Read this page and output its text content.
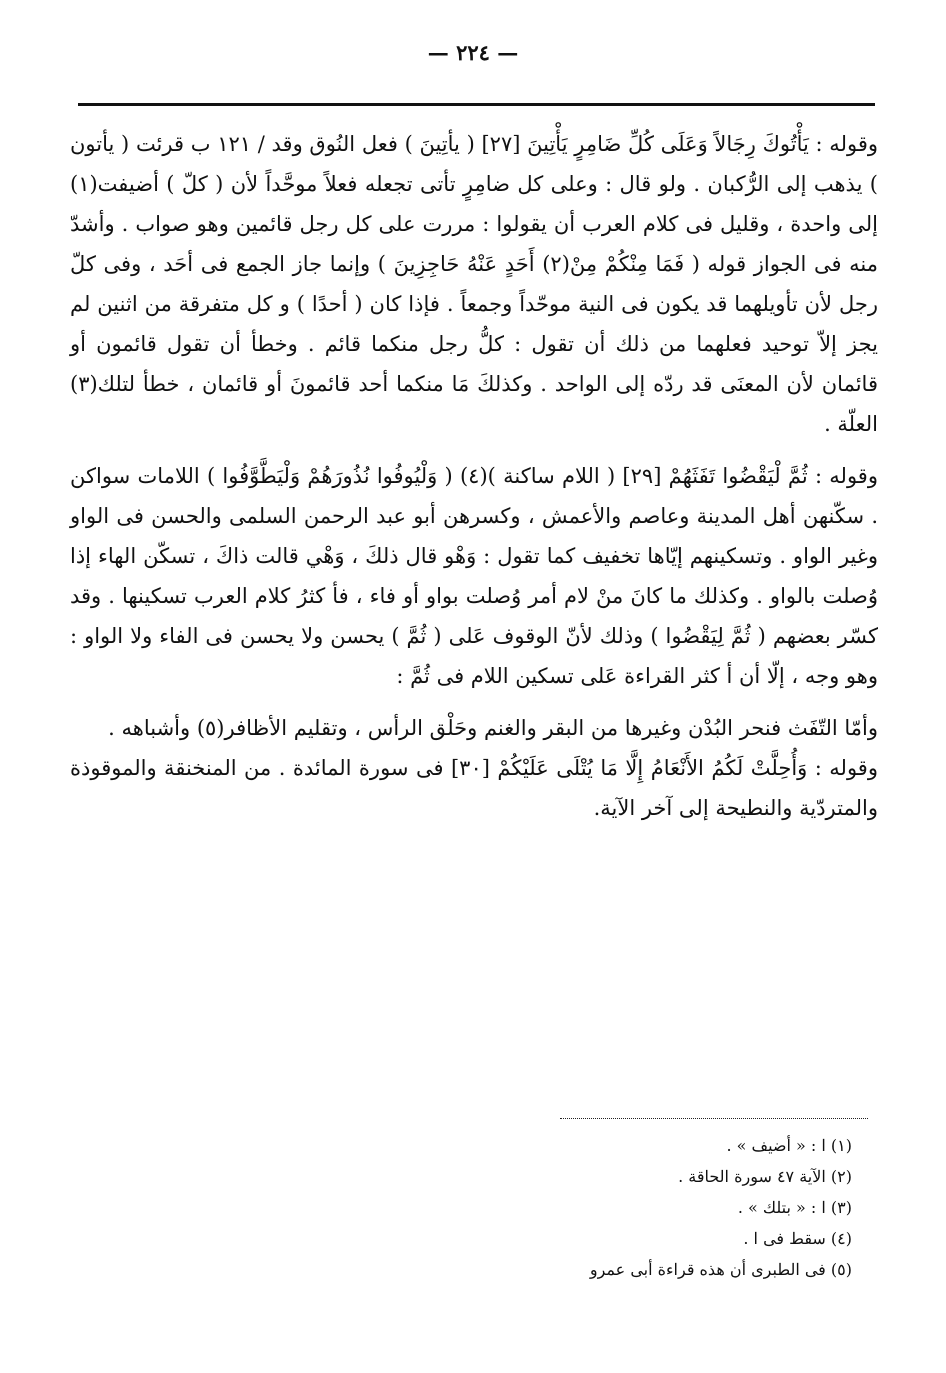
— ٢٢٤ —

وقوله : يَأْتُوكَ رِجَالاً وَعَلَى كُلِّ ضَامِرٍ يَأْتِينَ [٢٧] ( يأتِينَ ) فعل النُوق وقد / ١٢١ ب قرئت ( يأتون ) يذهب إلى الرُّكبان . ولو قال : وعلى كل ضامِرٍ تأتى تجعله فعلاً موحَّداً لأن ( كلّ ) أضيفت(١) إلى واحدة ، وقليل فى كلام العرب أن يقولوا : مررت على كل رجل قائمين وهو صواب . وأشدّ منه فى الجواز قوله ( فَمَا مِنْكُمْ مِنْ(٢) أَحَدٍ عَنْهُ حَاجِزِينَ ) وإنما جاز الجمع فى أحَد ، وفى كلّ رجل لأن تأويلهما قد يكون فى النية موحّداً وجمعاً . فإذا كان ( أحدًا ) و كل متفرقة من اثنين لم يجز إلاّ توحيد فعلهما من ذلك أن تقول : كلُّ رجل منكما قائم . وخطأ أن تقول قائمون أو قائمان لأن المعنَى قد ردّه إلى الواحد . وكذلكَ مَا منكما أحد قائمونَ أو قائمان ، خطأ لتلك(٣) العلّة .

وقوله : ثُمَّ لْيَقْضُوا تَفَثَهُمْ [٢٩] ( اللام ساكنة )(٤) ( وَلْيُوفُوا نُذُورَهُمْ وَلْيَطَّوَّفُوا ) اللامات سواكن . سكّنهن أهل المدينة وعاصم والأعمش ، وكسرهن أبو عبد الرحمن السلمى والحسن فى الواو وغير الواو . وتسكينهم إيّاها تخفيف كما تقول : وَهْو قال ذلكَ ، وَهْي قالت ذاكَ ، تسكّن الهاء إذا وُصلت بالواو . وكذلك ما كانَ منْ لام أمر وُصلت بواو أو فاء ، فأ كثرُ كلام العرب تسكينها . وقد كسّر بعضهم ( ثُمَّ لِيَقْضُوا ) وذلك لأنّ الوقوف عَلى ( ثُمَّ ) يحسن ولا يحسن فى الفاء ولا الواو : وهو وجه ، إلّا أن أ كثر القراءة عَلى تسكين اللام فى ثُمَّ :

وأمّا التّفَث فنحر البُدْن وغيرها من البقر والغنم وحَلْق الرأس ، وتقليم الأظافر(٥) وأشباهه .

وقوله : وَأُحِلَّتْ لَكُمُ الأَنْعَامُ إِلَّا مَا يُتْلَى عَلَيْكُمْ [٣٠] فى سورة المائدة . من المنخنقة والموقوذة والمتردّية والنطيحة إلى آخر الآية.

(١) ا : « أضيف » .
(٢) الآية ٤٧ سورة الحاقة .
(٣) ا : « بتلك » .
(٤) سقط فى ا .
(٥) فى الطبرى أن هذه قراءة أبى عمرو
